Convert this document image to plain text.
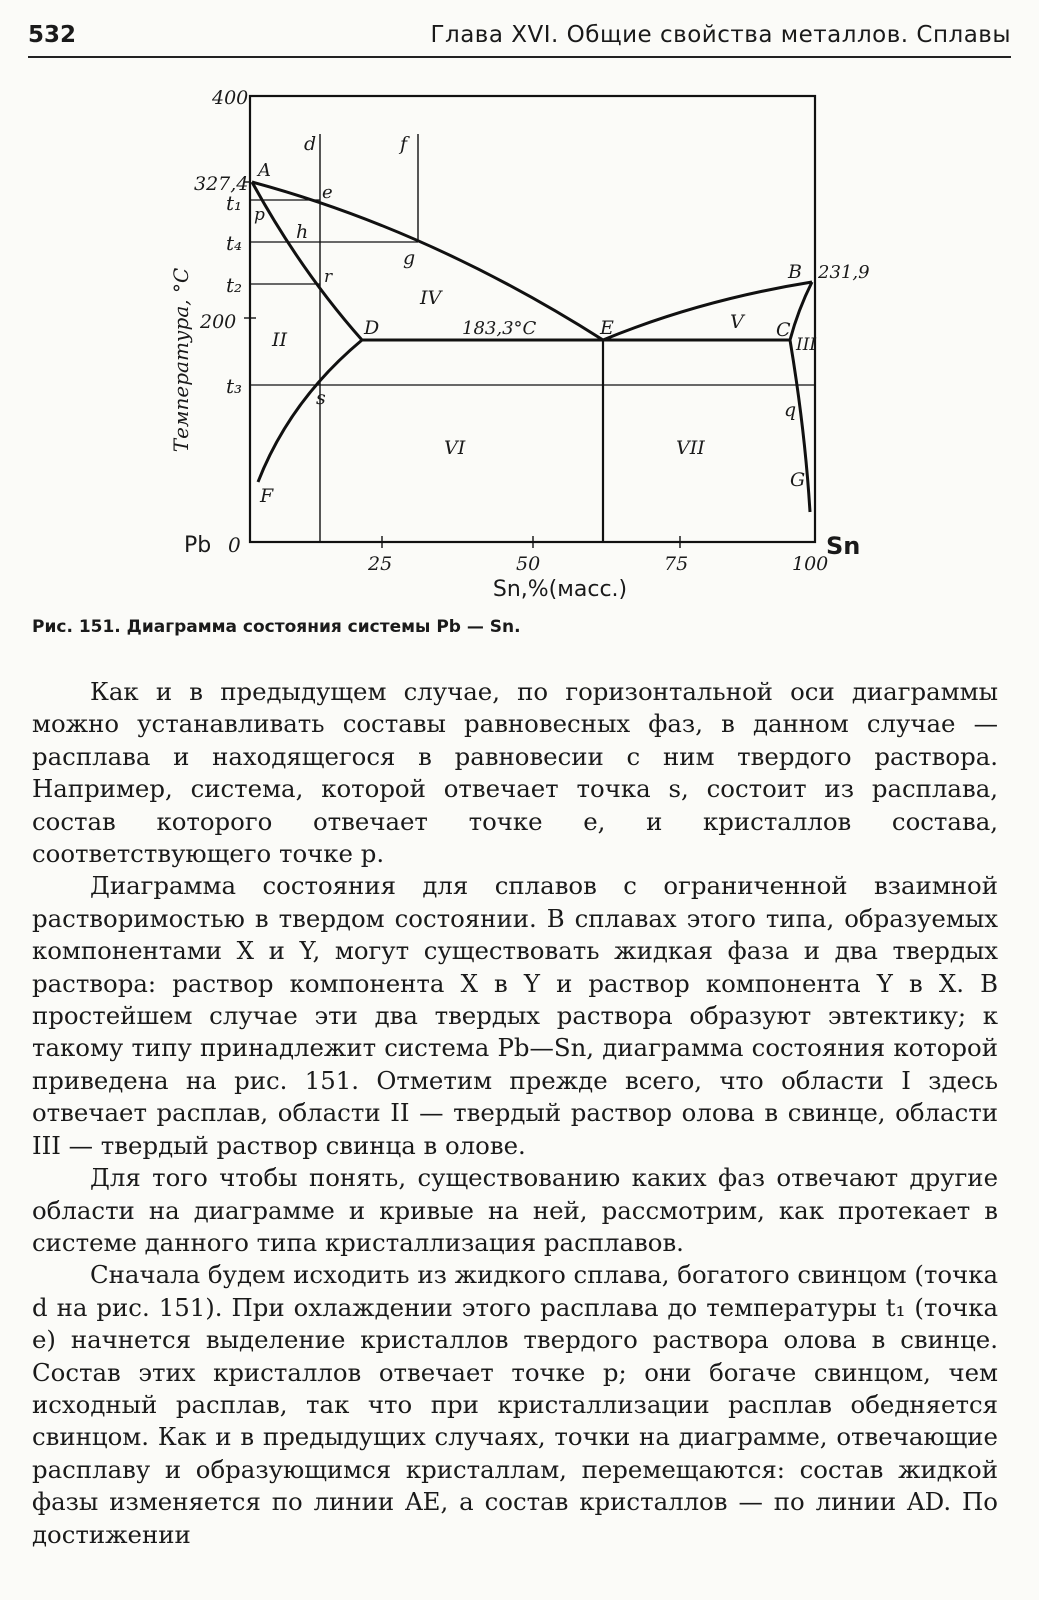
532	Глава XVI. Общие свойства металлов. Сплавы
400
327,4
t₁
t₄
t₂
200
t₃
0
25	50	75	100
Pb	Sn
Sn,%(масс.)
Температура, °С
A
B
C
D	E
F
G
d
e
f
g
h
p
r
s
q
II	III
IV
V
VI	VII
231,9
183,3°С
Рис. 151. Диаграмма состояния системы Pb — Sn.

Как и в предыдущем случае, по горизонтальной оси диаграммы можно устанавливать составы равновесных фаз, в данном случае — расплава и находящегося в равновесии с ним твердого раствора. Например, система, которой отвечает точка s, состоит из расплава, состав которого отвечает точке e, и кристаллов состава, соответствующего точке p.

Диаграмма состояния для сплавов с ограниченной взаимной растворимостью в твердом состоянии. В сплавах этого типа, образуемых компонентами X и Y, могут существовать жидкая фаза и два твердых раствора: раствор компонента X в Y и раствор компонента Y в X. В простейшем случае эти два твердых раствора образуют эвтектику; к такому типу принадлежит система Pb—Sn, диаграмма состояния которой приведена на рис. 151. Отметим прежде всего, что области I здесь отвечает расплав, области II — твердый раствор олова в свинце, области III — твердый раствор свинца в олове.

Для того чтобы понять, существованию каких фаз отвечают другие области на диаграмме и кривые на ней, рассмотрим, как протекает в системе данного типа кристаллизация расплавов.

Сначала будем исходить из жидкого сплава, богатого свинцом (точка d на рис. 151). При охлаждении этого расплава до температуры t₁ (точка e) начнется выделение кристаллов твердого раствора олова в свинце. Состав этих кристаллов отвечает точке p; они богаче свинцом, чем исходный расплав, так что при кристаллизации расплав обедняется свинцом. Как и в предыдущих случаях, точки на диаграмме, отвечающие расплаву и образующимся кристаллам, перемещаются: состав жидкой фазы изменяется по линии AE, а состав кристаллов — по линии AD. По достижении
